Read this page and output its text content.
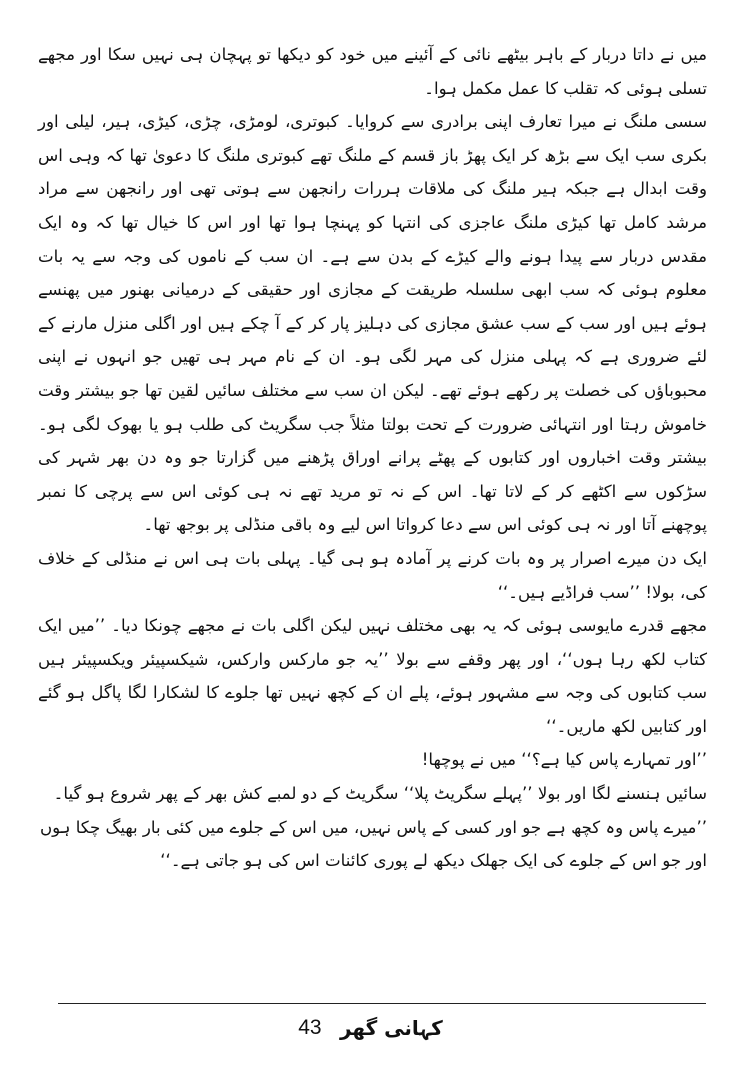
میں نے داتا دربار کے باہر بیٹھے نائی کے آئینے میں خود کو دیکھا تو پہچان ہی نہیں سکا اور مجھے تسلی ہوئی کہ تقلب کا عمل مکمل ہوا۔

سسی ملنگ نے میرا تعارف اپنی برادری سے کروایا۔ کبوتری، لومڑی، چڑی، کیڑی، ہیر، لیلی اور بکری سب ایک سے بڑھ کر ایک پھڑ باز قسم کے ملنگ تھے کبوتری ملنگ کا دعویٰ تھا کہ وہی اس وقت ابدال ہے جبکہ ہیر ملنگ کی ملاقات ہررات رانجھن سے ہوتی تھی اور رانجھن سے مراد مرشد کامل تھا کیڑی ملنگ عاجزی کی انتہا کو پہنچا ہوا تھا اور اس کا خیال تھا کہ وہ ایک مقدس دربار سے پیدا ہونے والے کیڑے کے بدن سے ہے۔ ان سب کے ناموں کی وجہ سے یہ بات معلوم ہوئی کہ سب ابھی سلسلہ طریقت کے مجازی اور حقیقی کے درمیانی بھنور میں پھنسے ہوئے ہیں اور سب کے سب عشق مجازی کی دہلیز پار کر کے آ چکے ہیں اور اگلی منزل مارنے کے لئے ضروری ہے کہ پہلی منزل کی مہر لگی ہو۔ ان کے نام مہر ہی تھیں جو انہوں نے اپنی محبوباؤں کی خصلت پر رکھے ہوئے تھے۔ لیکن ان سب سے مختلف سائیں لقین تھا جو بیشتر وقت خاموش رہتا اور انتہائی ضرورت کے تحت بولتا مثلاً جب سگریٹ کی طلب ہو یا بھوک لگی ہو۔ بیشتر وقت اخباروں اور کتابوں کے پھٹے پرانے اوراق پڑھنے میں گزارتا جو وہ دن بھر شہر کی سڑکوں سے اکٹھے کر کے لاتا تھا۔ اس کے نہ تو مرید تھے نہ ہی کوئی اس سے پرچی کا نمبر پوچھنے آتا اور نہ ہی کوئی اس سے دعا کرواتا اس لیے وہ باقی منڈلی پر بوجھ تھا۔

ایک دن میرے اصرار پر وہ بات کرنے پر آمادہ ہو ہی گیا۔ پہلی بات ہی اس نے منڈلی کے خلاف کی، بولا! ’’سب فراڈیے ہیں۔‘‘

مجھے قدرے مایوسی ہوئی کہ یہ بھی مختلف نہیں لیکن اگلی بات نے مجھے چونکا دیا۔ ’’میں ایک کتاب لکھ رہا ہوں‘‘، اور پھر وقفے سے بولا ’’یہ جو مارکس وارکس، شیکسپیئر ویکسپیئر ہیں سب کتابوں کی وجہ سے مشہور ہوئے، پلے ان کے کچھ نہیں تھا جلوے کا لشکارا لگا پاگل ہو گئے اور کتابیں لکھ ماریں۔‘‘

’’اور تمہارے پاس کیا ہے؟‘‘ میں نے پوچھا!

سائیں ہنسنے لگا اور بولا ’’پہلے سگریٹ پلا‘‘ سگریٹ کے دو لمبے کش بھر کے پھر شروع ہو گیا۔ ’’میرے پاس وہ کچھ ہے جو اور کسی کے پاس نہیں، میں اس کے جلوے میں کئی بار بھیگ چکا ہوں اور جو اس کے جلوے کی ایک جھلک دیکھ لے پوری کائنات اس کی ہو جاتی ہے۔‘‘

43 کہانی گھر
